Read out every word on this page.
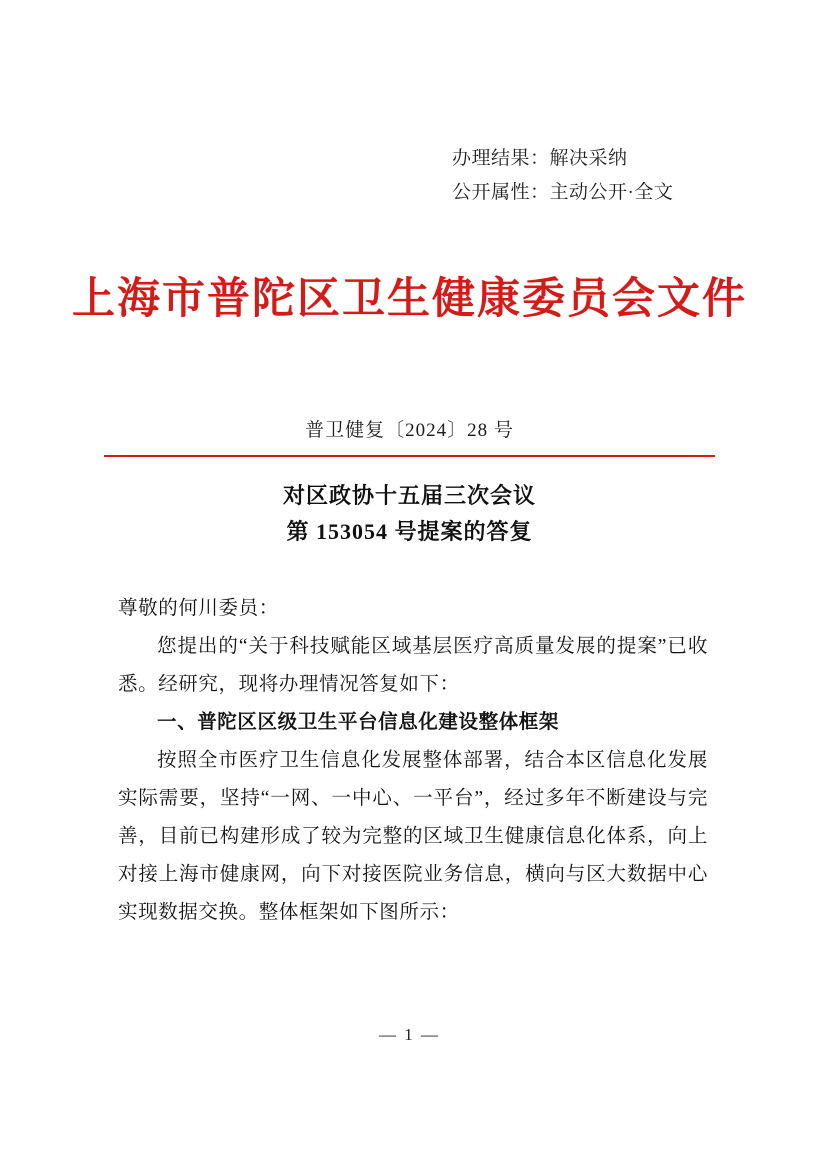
办理结果：解决采纳
公开属性：主动公开·全文
上海市普陀区卫生健康委员会文件
普卫健复〔2024〕28 号
对区政协十五届三次会议
第 153054 号提案的答复

尊敬的何川委员：

您提出的“关于科技赋能区域基层医疗高质量发展的提案”已收悉。经研究，现将办理情况答复如下：

一、普陀区区级卫生平台信息化建设整体框架

按照全市医疗卫生信息化发展整体部署，结合本区信息化发展实际需要，坚持“一网、一中心、一平台”，经过多年不断建设与完善，目前已构建形成了较为完整的区域卫生健康信息化体系，向上对接上海市健康网，向下对接医院业务信息，横向与区大数据中心实现数据交换。整体框架如下图所示：

— 1 —
